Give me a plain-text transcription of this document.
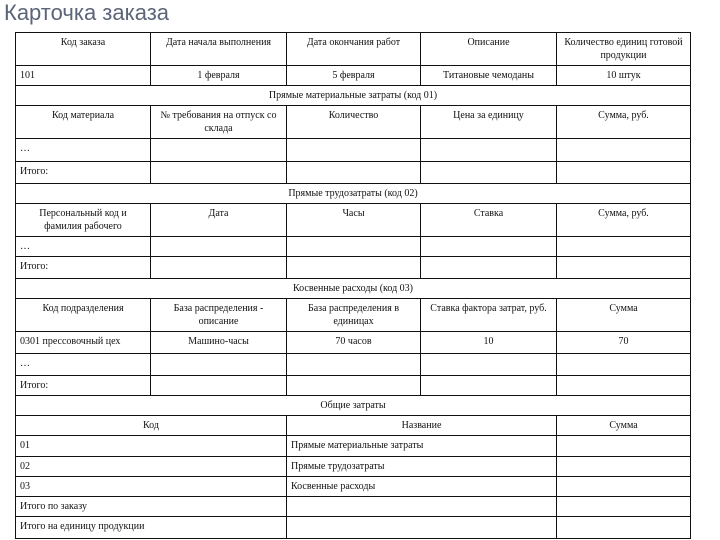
Карточка заказа
Код заказа	Дата начала выполнения	Дата окончания работ	Описание	Количество единиц готовой продукции
101	1 февраля	5 февраля	Титановые чемоданы	10 штук
Прямые материальные затраты (код 01)				
Код материала	№ требования на отпуск со склада	Количество	Цена за единицу	Сумма, руб.
…				
Итого:				
Прямые трудозатраты (код 02)				
Персональный код и фамилия рабочего	Дата	Часы	Ставка	Сумма, руб.
…				
Итого:				
Косвенные расходы (код 03)				
Код подразделения	База распределения - описание	База распределения в единицах	Ставка фактора затрат, руб.	Сумма
0301 прессовочный цех	Машино-часы	70 часов	10	70
…				
Итого:				
Общие затраты				
Код		Название		Сумма
01		Прямые материальные затраты		
02		Прямые трудозатраты		
03		Косвенные расходы		
Итого по заказу				
Итого на единицу продукции				
